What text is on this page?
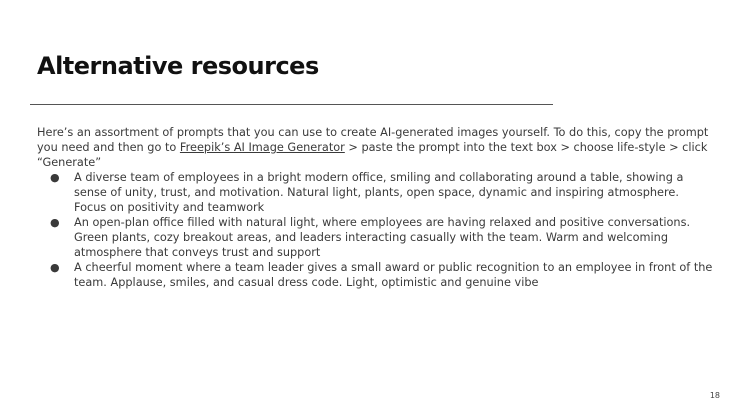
Alternative resources

Here’s an assortment of prompts that you can use to create AI-generated images yourself. To do this, copy the prompt you need and then go to Freepik’s AI Image Generator > paste the prompt into the text box > choose life-style > click “Generate”

● A diverse team of employees in a bright modern office, smiling and collaborating around a table, showing a sense of unity, trust, and motivation. Natural light, plants, open space, dynamic and inspiring atmosphere. Focus on positivity and teamwork
● An open-plan office filled with natural light, where employees are having relaxed and positive conversations. Green plants, cozy breakout areas, and leaders interacting casually with the team. Warm and welcoming atmosphere that conveys trust and support
● A cheerful moment where a team leader gives a small award or public recognition to an employee in front of the team. Applause, smiles, and casual dress code. Light, optimistic and genuine vibe
18
